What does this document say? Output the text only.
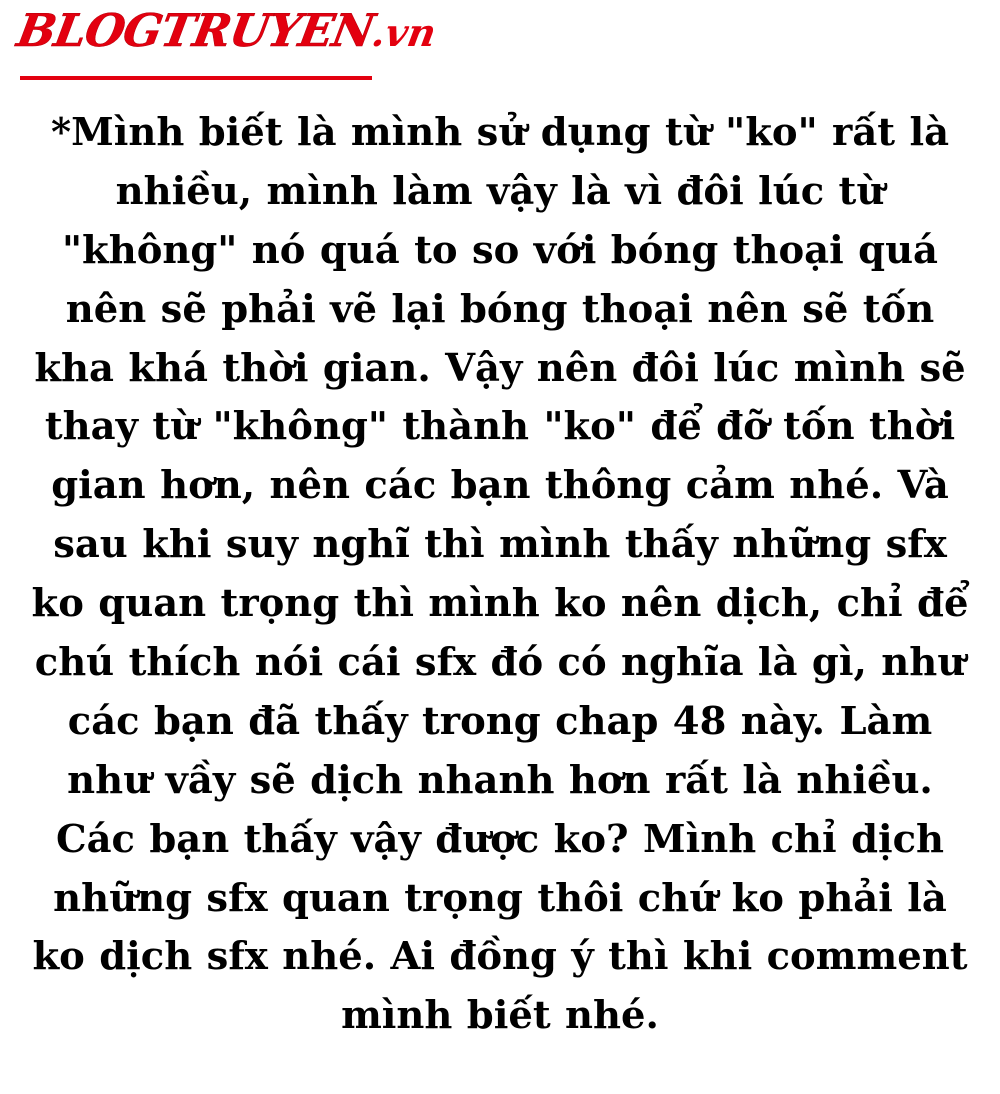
BLOGTRUYEN
.vn
*Mình biết là mình sử dụng từ "ko" rất là nhiều, mình làm vậy là vì đôi lúc từ "không" nó quá to so với bóng thoại quá nên sẽ phải vẽ lại bóng thoại nên sẽ tốn kha khá thời gian. Vậy nên đôi lúc mình sẽ thay từ "không" thành "ko" để đỡ tốn thời gian hơn, nên các bạn thông cảm nhé. Và sau khi suy nghĩ thì mình thấy những sfx ko quan trọng thì mình ko nên dịch, chỉ để chú thích nói cái sfx đó có nghĩa là gì, như các bạn đã thấy trong chap 48 này. Làm như vầy sẽ dịch nhanh hơn rất là nhiều. Các bạn thấy vậy được ko? Mình chỉ dịch những sfx quan trọng thôi chứ ko phải là ko dịch sfx nhé. Ai đồng ý thì khi comment mình biết nhé.
